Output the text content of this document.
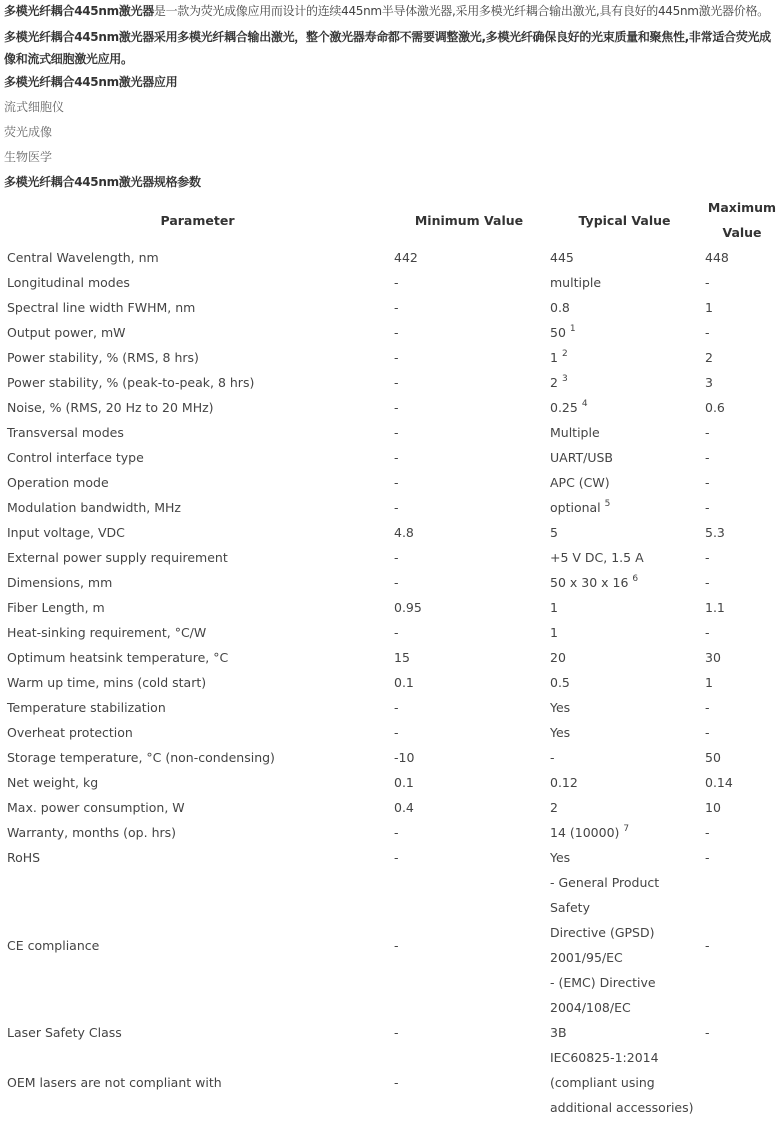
多模光纤耦合445nm激光器是一款为荧光成像应用而设计的连续445nm半导体激光器,采用多模光纤耦合输出激光,具有良好的445nm激光器价格。

多模光纤耦合445nm激光器采用多模光纤耦合输出激光，整个激光器寿命都不需要调整激光,多模光纤确保良好的光束质量和聚焦性,非常适合荧光成像和流式细胞激光应用。

多模光纤耦合445nm激光器应用

流式细胞仪

荧光成像

生物医学

多模光纤耦合445nm激光器规格参数

Parameter	Minimum Value	Typical Value	Maximum Value
Central Wavelength, nm	442	445	448
Longitudinal modes	-	multiple	-
Spectral line width FWHM, nm	-	0.8	1
Output power, mW	-	50 $^1$	-
Power stability, % (RMS, 8 hrs)	-	1 $^2$	2
Power stability, % (peak-to-peak, 8 hrs)	-	2 $^3$	3
Noise, % (RMS, 20 Hz to 20 MHz)	-	0.25 $^4$	0.6
Transversal modes	-	Multiple	-
Control interface type	-	UART/USB	-
Operation mode	-	APC (CW)	-
Modulation bandwidth, MHz	-	optional $^5$	-
Input voltage, VDC	4.8	5	5.3
External power supply requirement	-	+5 V DC, 1.5 A	-
Dimensions, mm	-	50 x 30 x 16 $^6$	-
Fiber Length, m	0.95	1	1.1
Heat-sinking requirement, °C/W	-	1	-
Optimum heatsink temperature, °C	15	20	30
Warm up time, mins (cold start)	0.1	0.5	1
Temperature stabilization	-	Yes	-
Overheat protection	-	Yes	-
Storage temperature, °C (non-condensing)	-10	-	50
Net weight, kg	0.1	0.12	0.14
Max. power consumption, W	0.4	2	10
Warranty, months (op. hrs)	-	14 (10000) $^7$	-
RoHS	-	Yes	-
CE compliance	-	- General Product Safety
Directive (GPSD)
2001/95/EC
- (EMC) Directive
2004/108/EC	-
Laser Safety Class	-	3B	-
OEM lasers are not compliant with	-	IEC60825-1:2014
(compliant using
additional accessories)	
